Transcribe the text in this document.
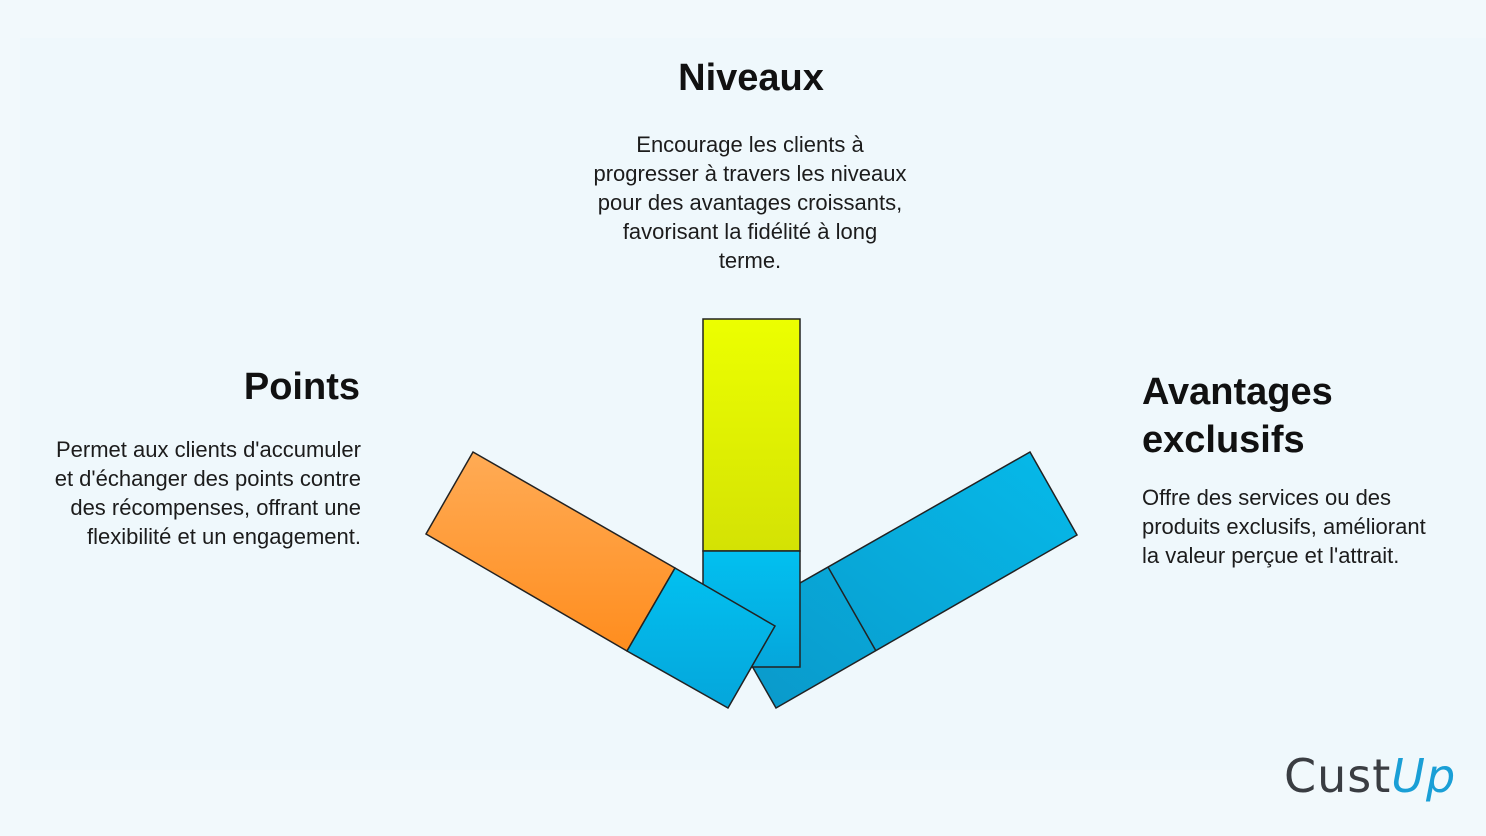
Niveaux

Encourage les clients à progresser à travers les niveaux pour des avantages croissants, favorisant la fidélité à long terme.

Points

Permet aux clients d'accumuler et d'échanger des points contre des récompenses, offrant une flexibilité et un engagement.

Avantages exclusifs

Offre des services ou des produits exclusifs, améliorant la valeur perçue et l'attrait.

CustUp
